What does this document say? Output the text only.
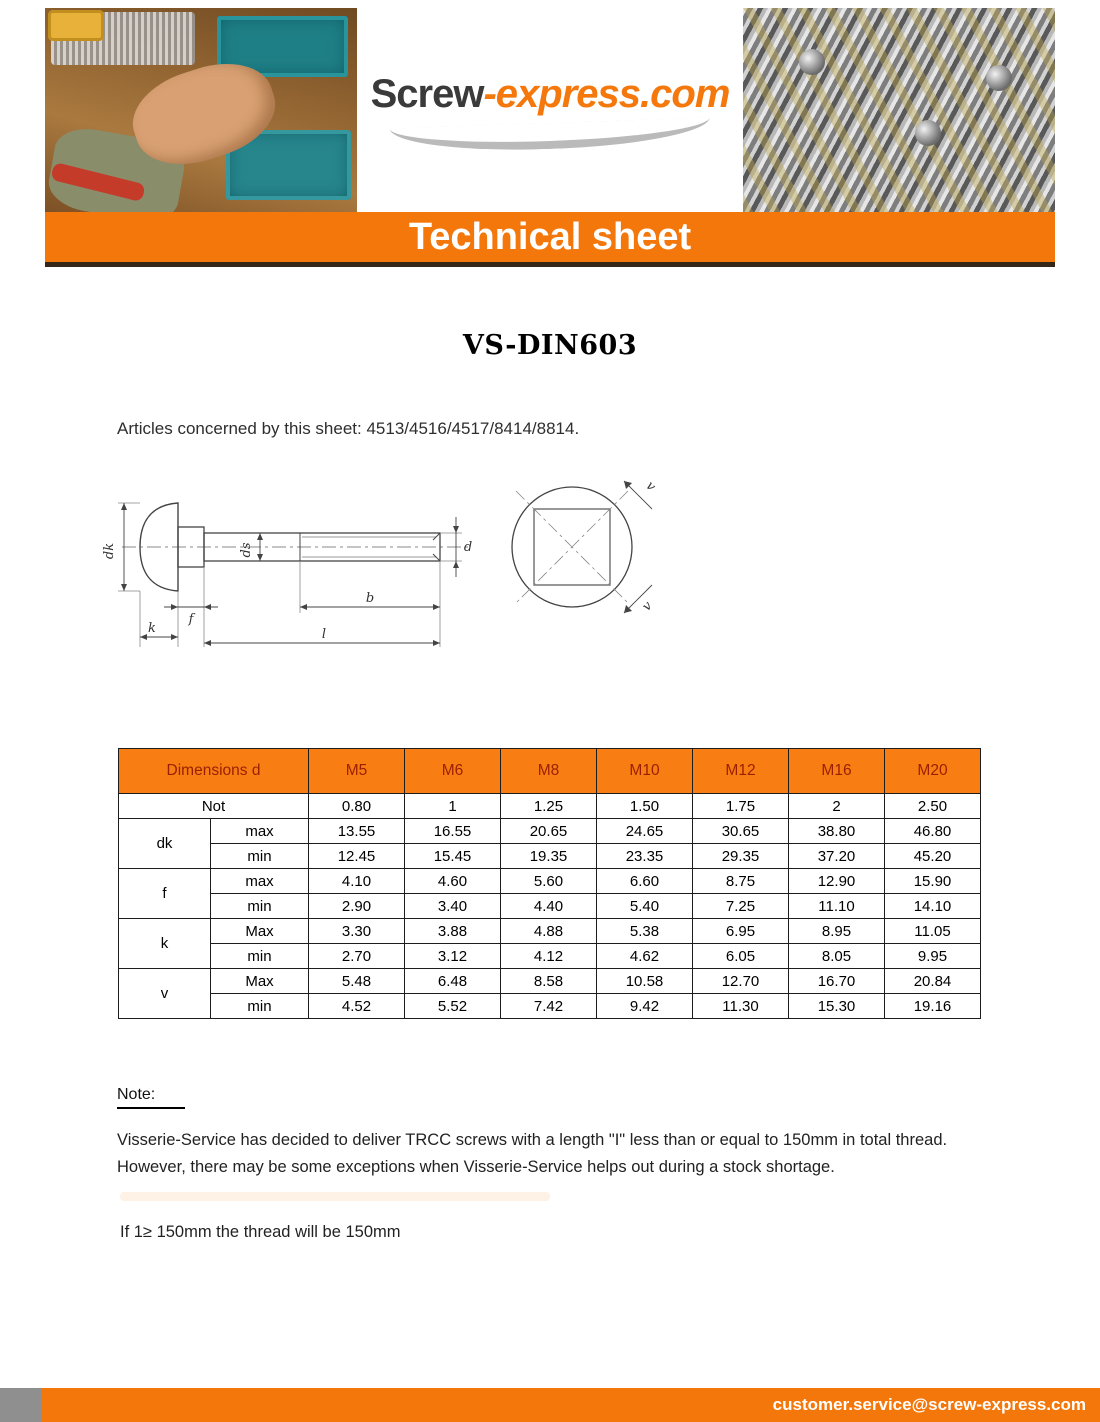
Screw-express.com
Technical sheet
VS-DIN603
Articles concerned by this sheet: 4513/4516/4517/8414/8814.
dk	ds	d
f
b
k	l
v
v
Dimensions d		M5	M6	M8	M10	M12	M16	M20
Not		0.80	1	1.25	1.50	1.75	2	2.50
dk	max	13.55	16.55	20.65	24.65	30.65	38.80	46.80
	min	12.45	15.45	19.35	23.35	29.35	37.20	45.20
f	max	4.10	4.60	5.60	6.60	8.75	12.90	15.90
	min	2.90	3.40	4.40	5.40	7.25	11.10	14.10
k	Max	3.30	3.88	4.88	5.38	6.95	8.95	11.05
	min	2.70	3.12	4.12	4.62	6.05	8.05	9.95
v	Max	5.48	6.48	8.58	10.58	12.70	16.70	20.84
	min	4.52	5.52	7.42	9.42	11.30	15.30	19.16
Note:
Visserie-Service has decided to deliver TRCC screws with a length "I" less than or equal to 150mm in total thread. However, there may be some exceptions when Visserie-Service helps out during a stock shortage.
If 1≥ 150mm the thread will be 150mm
customer.service@screw-express.com
